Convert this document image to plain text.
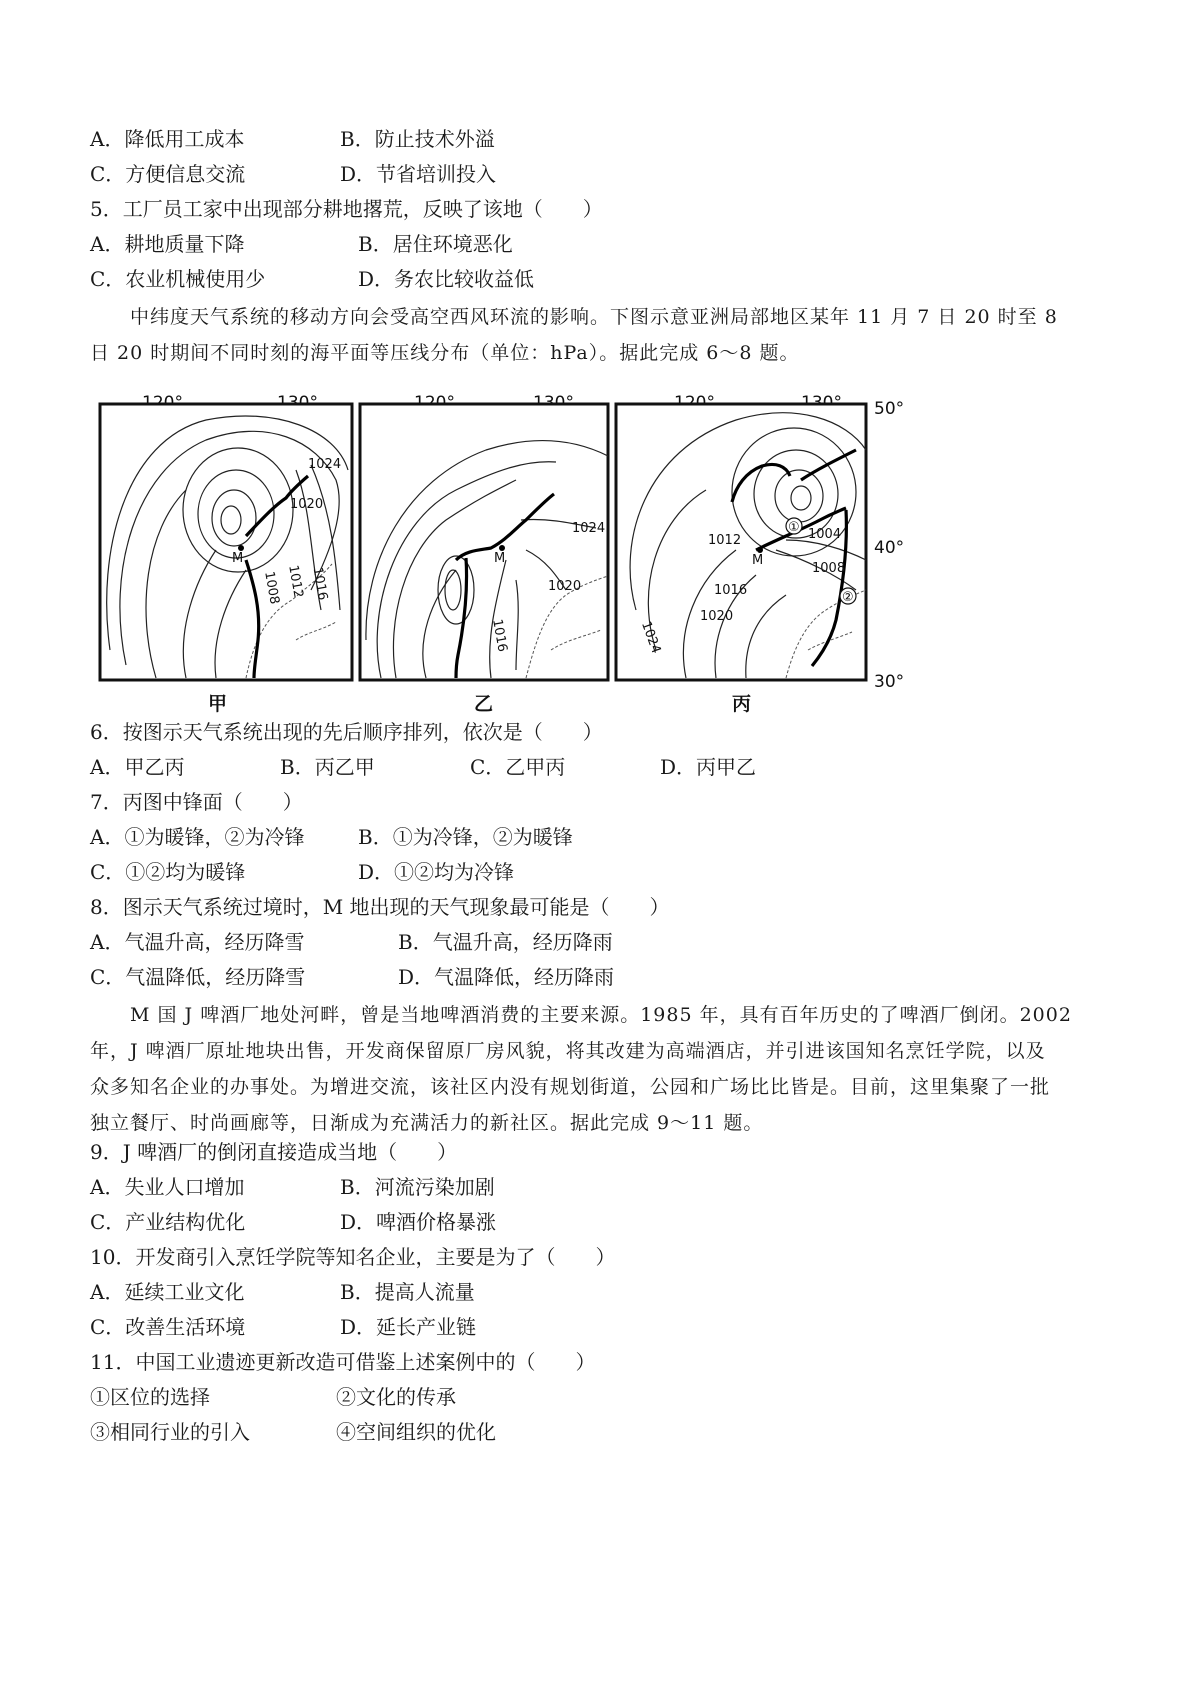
A．降低用工成本	B．防止技术外溢
C．方便信息交流	D．节省培训投入
5．工厂员工家中出现部分耕地撂荒，反映了该地（　　）
A．耕地质量下降	B．居住环境恶化
C．农业机械使用少	D．务农比较收益低
　　中纬度天气系统的移动方向会受高空西风环流的影响。下图示意亚洲局部地区某年 11 月 7 日 20 时至 8
日 20 时期间不同时刻的海平面等压线分布（单位：hPa）。据此完成 6～8 题。
50°
40°
30°
M
1024
1020
1016
1012
1008
甲
M
1024
1020
1016
乙
①
②
M
1012	1004
1008
1016
1020
1024
丙
6．按图示天气系统出现的先后顺序排列，依次是（　　）
A．甲乙丙	B．丙乙甲	C．乙甲丙	D．丙甲乙
7．丙图中锋面（　　）
A．①为暖锋，②为冷锋	B．①为冷锋，②为暖锋
C．①②均为暖锋	D．①②均为冷锋
8．图示天气系统过境时，M 地出现的天气现象最可能是（　　）
A．气温升高，经历降雪	B．气温升高，经历降雨
C．气温降低，经历降雪	D．气温降低，经历降雨
　　M 国 J 啤酒厂地处河畔，曾是当地啤酒消费的主要来源。1985 年，具有百年历史的了啤酒厂倒闭。2002
年，J 啤酒厂原址地块出售，开发商保留原厂房风貌，将其改建为高端酒店，并引进该国知名烹饪学院，以及
众多知名企业的办事处。为增进交流，该社区内没有规划街道，公园和广场比比皆是。目前，这里集聚了一批
独立餐厅、时尚画廊等，日渐成为充满活力的新社区。据此完成 9～11 题。
9．J 啤酒厂的倒闭直接造成当地（　　）
A．失业人口增加	B．河流污染加剧
C．产业结构优化	D．啤酒价格暴涨
10．开发商引入烹饪学院等知名企业，主要是为了（　　）
A．延续工业文化	B．提高人流量
C．改善生活环境	D．延长产业链
11．中国工业遗迹更新改造可借鉴上述案例中的（　　）
①区位的选择	②文化的传承
③相同行业的引入	④空间组织的优化
